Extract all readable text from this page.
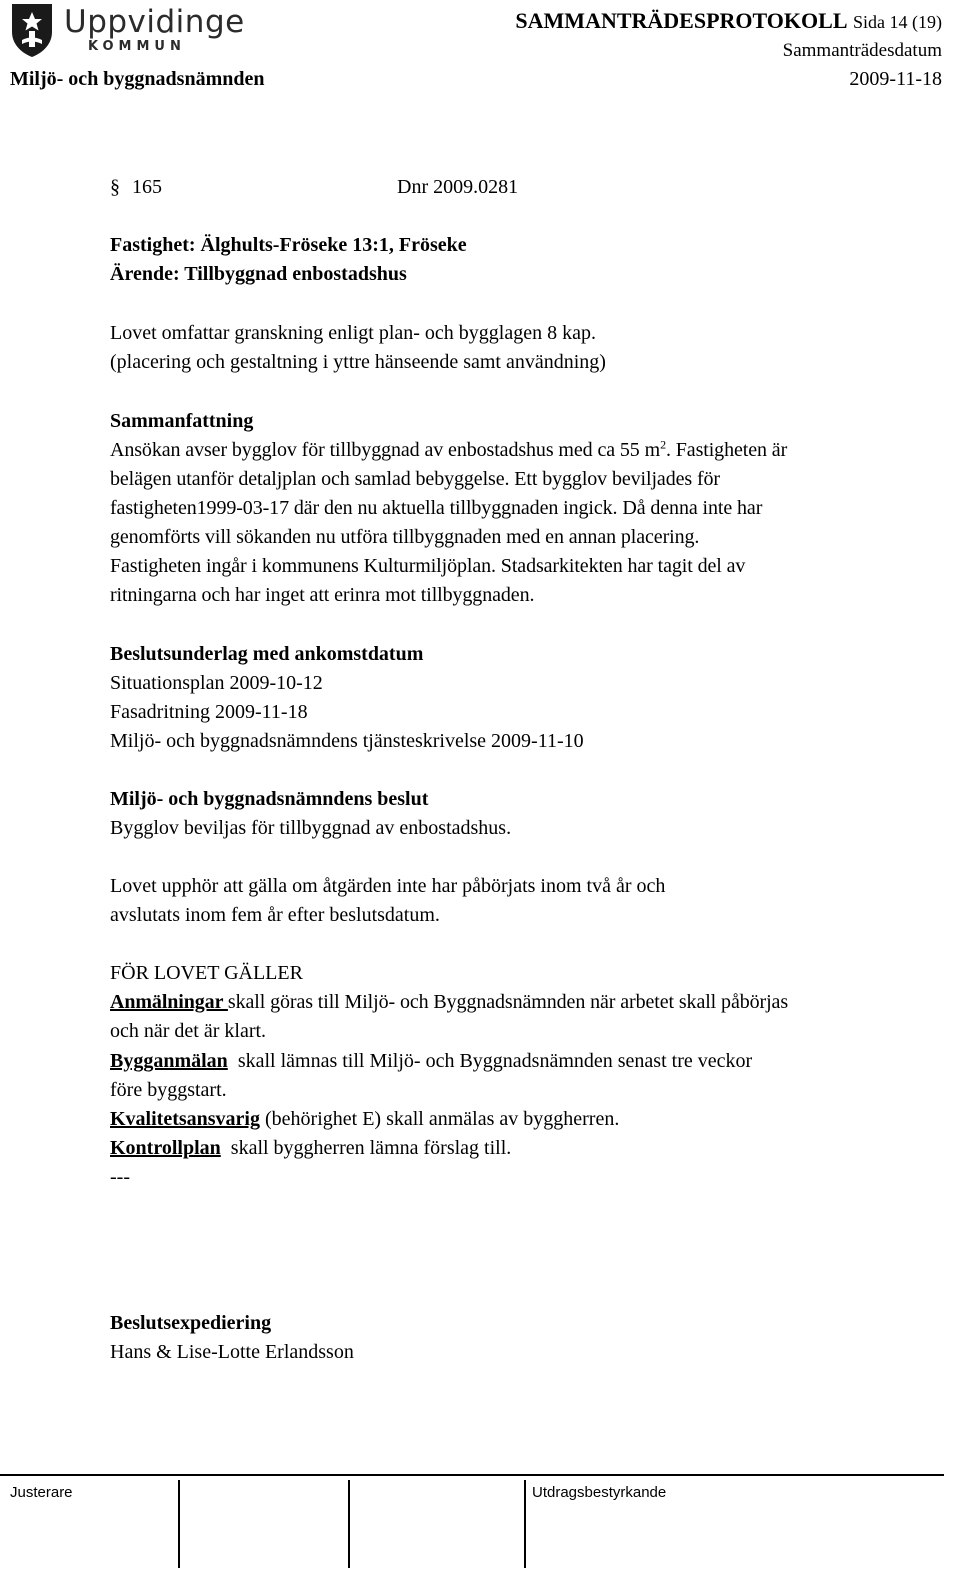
Uppvidinge
KOMMUN
SAMMANTRÄDESPROTOKOLL Sida 14 (19)
Sammanträdesdatum
Miljö- och byggnadsnämnden	2009-11-18
§ 165	Dnr 2009.0281
Fastighet: Älghults-Fröseke 13:1, Fröseke
Ärende: Tillbyggnad enbostadshus
Lovet omfattar granskning enligt plan- och bygglagen 8 kap.
(placering och gestaltning i yttre hänseende samt användning)
Sammanfattning
Ansökan avser bygglov för tillbyggnad av enbostadshus med ca 55 $m^2$. Fastigheten är
belägen utanför detaljplan och samlad bebyggelse. Ett bygglov beviljades för
fastigheten1999-03-17 där den nu aktuella tillbyggnaden ingick. Då denna inte har
genomförts vill sökanden nu utföra tillbyggnaden med en annan placering.
Fastigheten ingår i kommunens Kulturmiljöplan. Stadsarkitekten har tagit del av
ritningarna och har inget att erinra mot tillbyggnaden.
Beslutsunderlag med ankomstdatum
Situationsplan 2009-10-12
Fasadritning 2009-11-18
Miljö- och byggnadsnämndens tjänsteskrivelse 2009-11-10
Miljö- och byggnadsnämndens beslut
Bygglov beviljas för tillbyggnad av enbostadshus.
Lovet upphör att gälla om åtgärden inte har påbörjats inom två år och
avslutats inom fem år efter beslutsdatum.
FÖR LOVET GÄLLER
Anmälningar skall göras till Miljö- och Byggnadsnämnden när arbetet skall påbörjas
och när det är klart.
Bygganmälan  skall lämnas till Miljö- och Byggnadsnämnden senast tre veckor
före byggstart.
Kvalitetsansvarig (behörighet E) skall anmälas av byggherren.
Kontrollplan  skall byggherren lämna förslag till.
---
Beslutsexpediering
Hans & Lise-Lotte Erlandsson
Justerare	Utdragsbestyrkande
